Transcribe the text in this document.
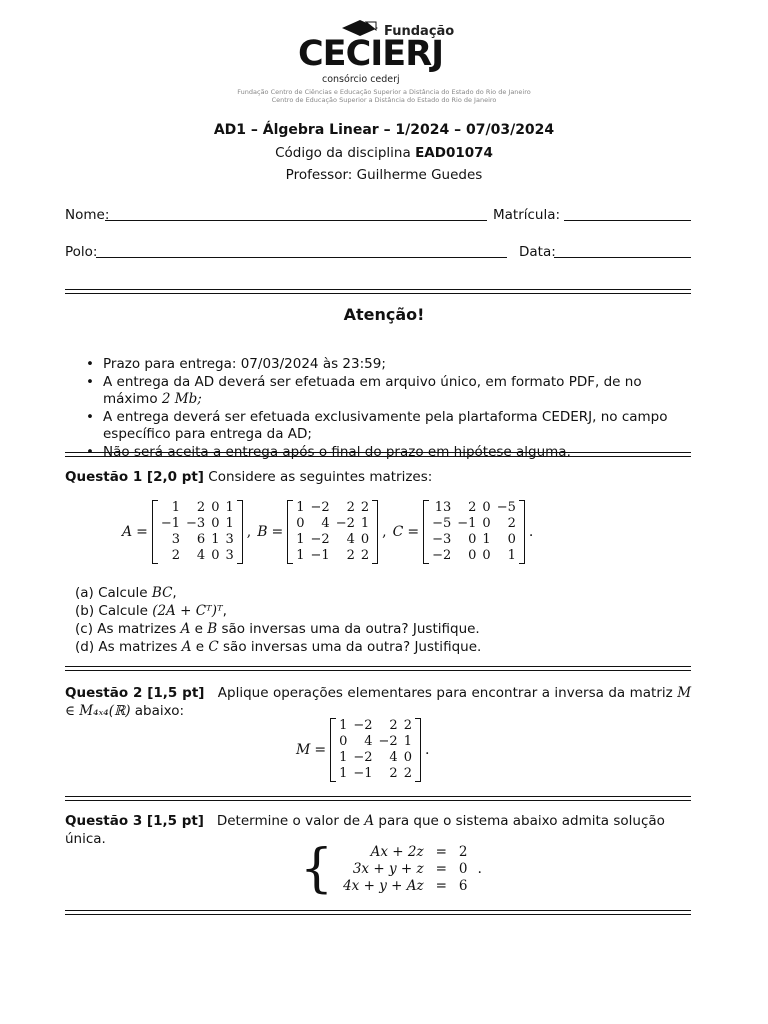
Fundação
CECIERJ
consórcio cederj
Fundação Centro de Ciências e Educação Superior a Distância do Estado do Rio de Janeiro
Centro de Educação Superior a Distância do Estado do Rio de Janeiro
AD1 – Álgebra Linear – 1/2024 – 07/03/2024
Código da disciplina EAD01074
Professor: Guilherme Guedes
Nome:	Matrícula:
Polo:	Data:
Atenção!
• Prazo para entrega: 07/03/2024 às 23:59;
• A entrega da AD deverá ser efetuada em arquivo único, em formato PDF, de no máximo 2 Mb;
• A entrega deverá ser efetuada exclusivamente pela plartaforma CEDERJ, no campo específico para entrega da AD;
• Não será aceita a entrega após o final do prazo em hipótese alguma.
Questão 1 [2,0 pt] Considere as seguintes matrizes:
A =
1	2	0	1
−1	−3	0	1
3	6	1	3
2	4	0	3
, B =
1	−2	2	2
0	4	−2	1
1	−2	4	0
1	−1	2	2
, C =
13	2	0	−5
−5	−1	0	2
−3	0	1	0
−2	0	0	1
.
(a) Calcule BC,
(b) Calcule (2A + Cᵀ)ᵀ,
(c) As matrizes A e B são inversas uma da outra? Justifique.
(d) As matrizes A e C são inversas uma da outra? Justifique.
Questão 2 [1,5 pt] Aplique operações elementares para encontrar a inversa da matriz M ∈ M₄ₓ₄(ℝ) abaixo:
M =
1	−2	2	2
0	4	−2	1
1	−2	4	0
1	−1	2	2
.
Questão 3 [1,5 pt] Determine o valor de A para que o sistema abaixo admita solução única.	{	Ax + 2z	=	2
3x + y + z	=	0
4x + y + Az	=	6
.
